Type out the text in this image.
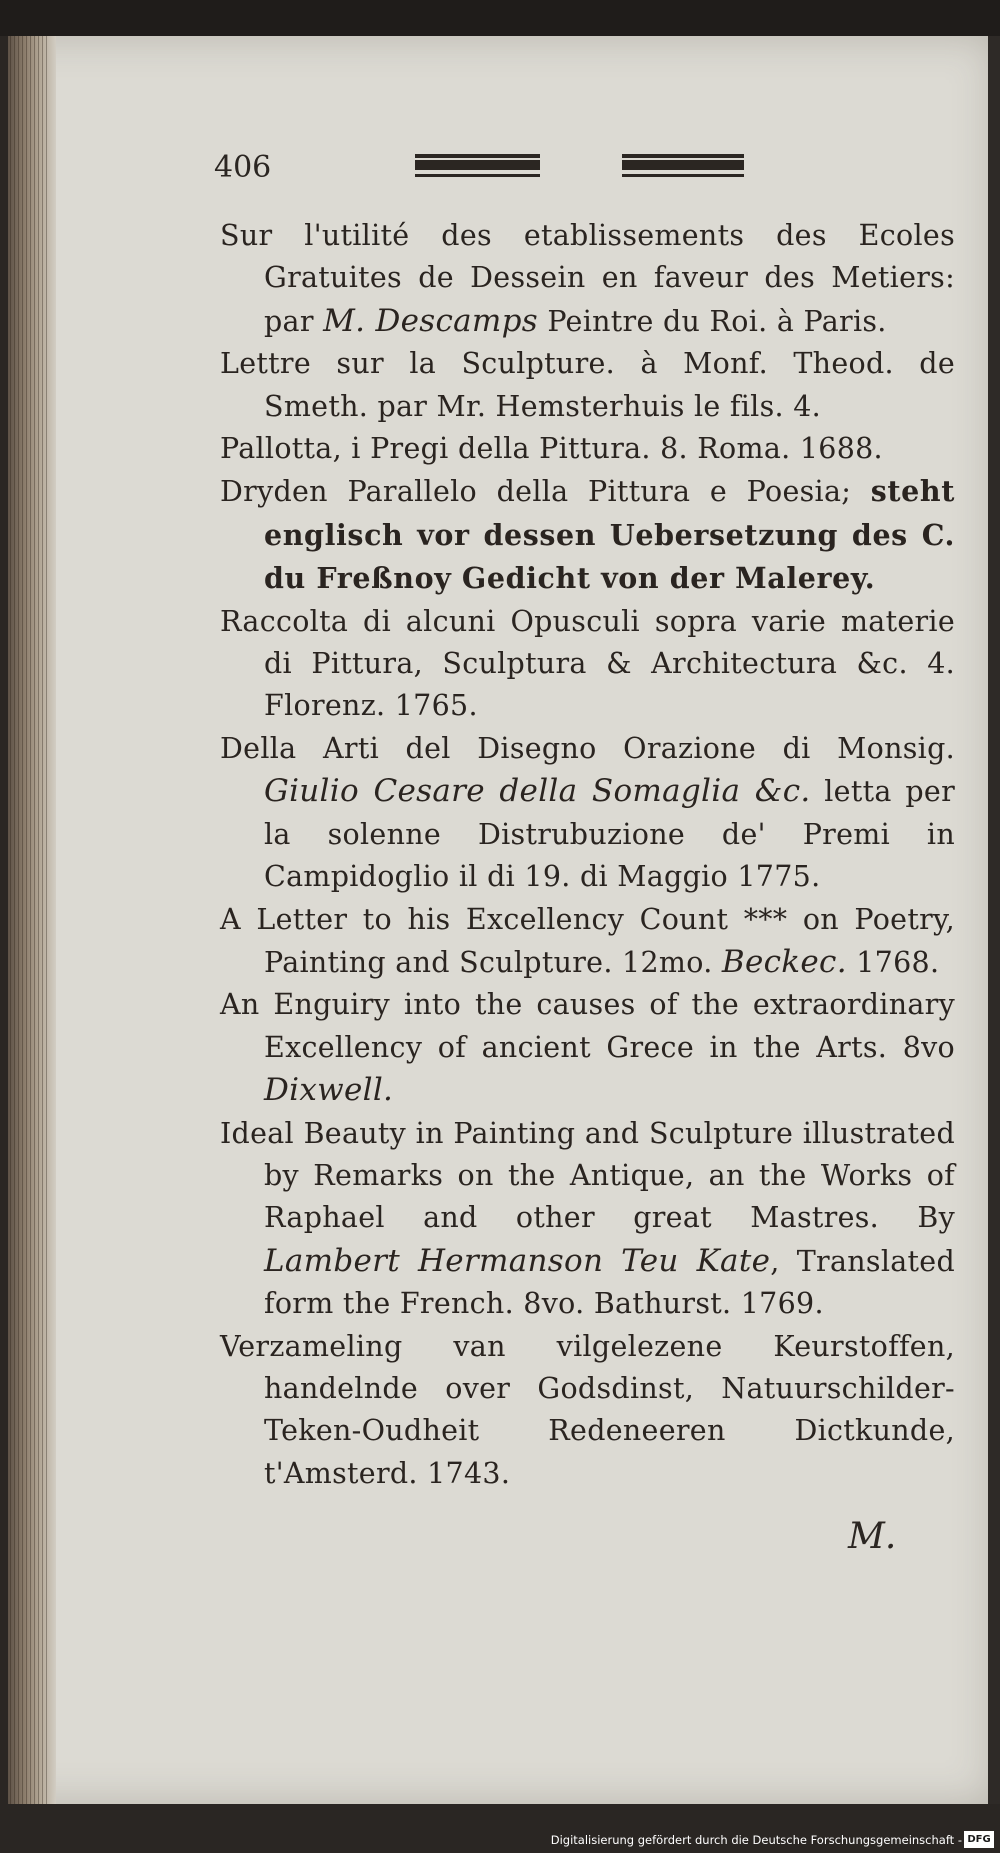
406

Sur l'utilité des etablissements des Ecoles Gratuites de Dessein en faveur des Metiers: par M. Descamps Peintre du Roi. à Paris.

Lettre sur la Sculpture. à Monf. Theod. de Smeth. par Mr. Hemsterhuis le fils. 4.

Pallotta, i Pregi della Pittura. 8. Roma. 1688.

Dryden Parallelo della Pittura e Poesia; steht englisch vor dessen Uebersetzung des C. du Freßnoy Gedicht von der Malerey.

Raccolta di alcuni Opusculi sopra varie materie di Pittura, Sculptura & Architectura &c. 4. Florenz. 1765.

Della Arti del Disegno Orazione di Monsig. Giulio Cesare della Somaglia &c. letta per la solenne Distrubuzione de' Premi in Campidoglio il di 19. di Maggio 1775.

A Letter to his Excellency Count *** on Poetry, Painting and Sculpture. 12mo. Beckec. 1768.

An Enguiry into the causes of the extraordinary Excellency of ancient Grece in the Arts. 8vo Dixwell.

Ideal Beauty in Painting and Sculpture illustrated by Remarks on the Antique, an the Works of Raphael and other great Mastres. By Lambert Hermanson Teu Kate, Translated form the French. 8vo. Bathurst. 1769.

Verzameling van vilgelezene Keurstoffen, handelnde over Godsdinst, Natuurschilder-Teken-Oudheit Redeneeren Dictkunde, t'Amsterd. 1743.

M.
Digitalisierung gefördert durch die Deutsche Forschungsgemeinschaft - DFG
